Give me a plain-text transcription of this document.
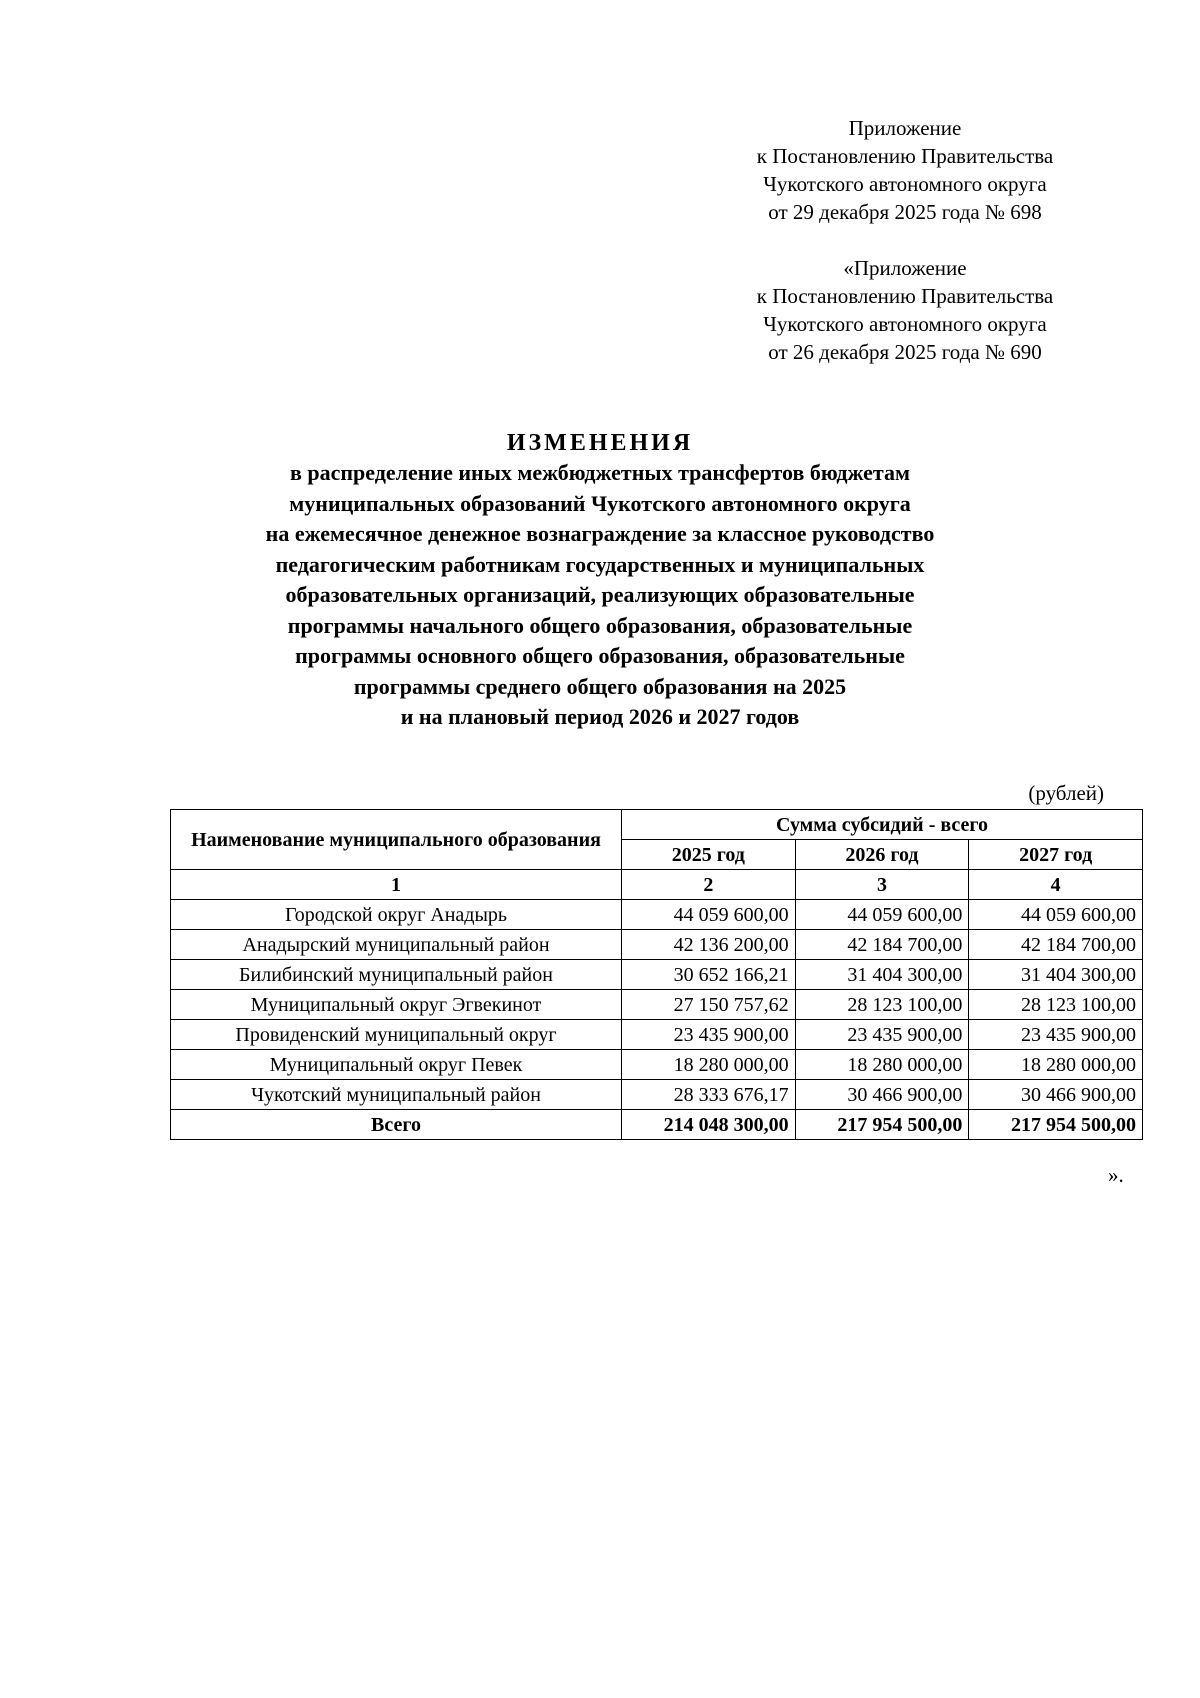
Приложение
к Постановлению Правительства
Чукотского автономного округа
от 29 декабря 2025 года № 698
«Приложение
к Постановлению Правительства
Чукотского автономного округа
от 26 декабря 2025 года № 690
ИЗМЕНЕНИЯ
в распределение иных межбюджетных трансфертов бюджетам
муниципальных образований Чукотского автономного округа
на ежемесячное денежное вознаграждение за классное руководство
педагогическим работникам государственных и муниципальных
образовательных организаций, реализующих образовательные
программы начального общего образования, образовательные
программы основного общего образования, образовательные
программы среднего общего образования на 2025
и на плановый период 2026 и 2027 годов
(рублей)
Наименование муниципального образования	Сумма субсидий - всего		
	2025 год	2026 год	2027 год
1	2	3	4
Городской округ Анадырь	44 059 600,00	44 059 600,00	44 059 600,00
Анадырский муниципальный район	42 136 200,00	42 184 700,00	42 184 700,00
Билибинский муниципальный район	30 652 166,21	31 404 300,00	31 404 300,00
Муниципальный округ Эгвекинот	27 150 757,62	28 123 100,00	28 123 100,00
Провиденский муниципальный округ	23 435 900,00	23 435 900,00	23 435 900,00
Муниципальный округ Певек	18 280 000,00	18 280 000,00	18 280 000,00
Чукотский муниципальный район	28 333 676,17	30 466 900,00	30 466 900,00
Всего	214 048 300,00	217 954 500,00	217 954 500,00
».
